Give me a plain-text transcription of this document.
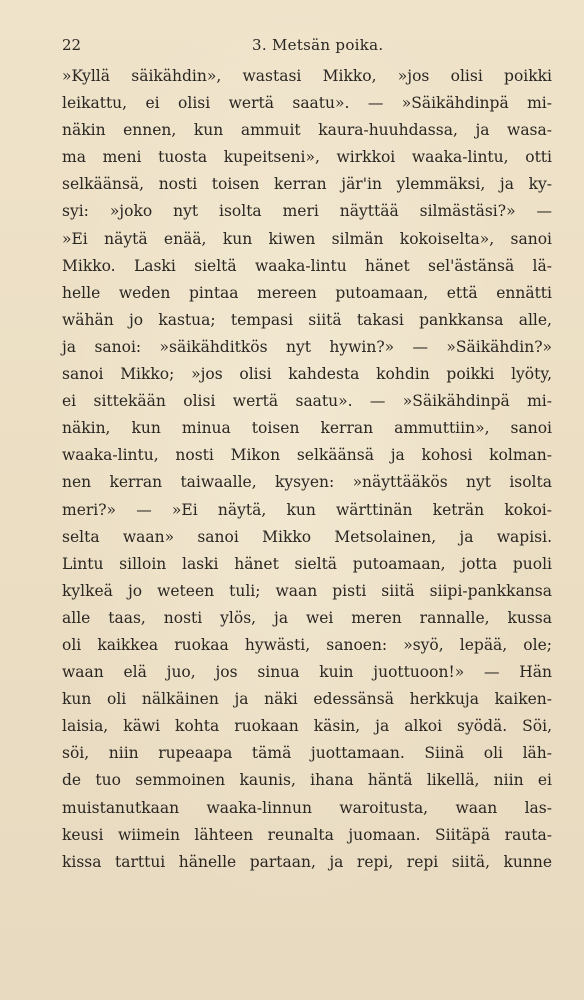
22	3. Metsän poika.
»Kyllä säikähdin», wastasi Mikko, »jos olisi poikki
leikattu, ei olisi wertä saatu». — »Säikähdinpä mi-
näkin ennen, kun ammuit kaura-huuhdassa, ja wasa-
ma meni tuosta kupeitseni», wirkkoi waaka-lintu, otti
selkäänsä, nosti toisen kerran jär'in ylemmäksi, ja ky-
syi: »joko nyt isolta meri näyttää silmästäsi?» —
»Ei näytä enää, kun kiwen silmän kokoiselta», sanoi
Mikko. Laski sieltä waaka-lintu hänet sel'ästänsä lä-
helle weden pintaa mereen putoamaan, että ennätti
wähän jo kastua; tempasi siitä takasi pankkansa alle,
ja sanoi: »säikähditkös nyt hywin?» — »Säikähdin?»
sanoi Mikko; »jos olisi kahdesta kohdin poikki lyöty,
ei sittekään olisi wertä saatu». — »Säikähdinpä mi-
näkin, kun minua toisen kerran ammuttiin», sanoi
waaka-lintu, nosti Mikon selkäänsä ja kohosi kolman-
nen kerran taiwaalle, kysyen: »näyttääkös nyt isolta
meri?» — »Ei näytä, kun wärttinän keträn kokoi-
selta waan» sanoi Mikko Metsolainen, ja wapisi.
Lintu silloin laski hänet sieltä putoamaan, jotta puoli
kylkeä jo weteen tuli; waan pisti siitä siipi-pankkansa
alle taas, nosti ylös, ja wei meren rannalle, kussa
oli kaikkea ruokaa hywästi, sanoen: »syö, lepää, ole;
waan elä juo, jos sinua kuin juottuoon!» — Hän
kun oli nälkäinen ja näki edessänsä herkkuja kaiken-
laisia, käwi kohta ruokaan käsin, ja alkoi syödä. Söi,
söi, niin rupeaapa tämä juottamaan. Siinä oli läh-
de tuo semmoinen kaunis, ihana häntä likellä, niin ei
muistanutkaan waaka-linnun waroitusta, waan las-
keusi wiimein lähteen reunalta juomaan. Siitäpä rauta-
kissa tarttui hänelle partaan, ja repi, repi siitä, kunne
